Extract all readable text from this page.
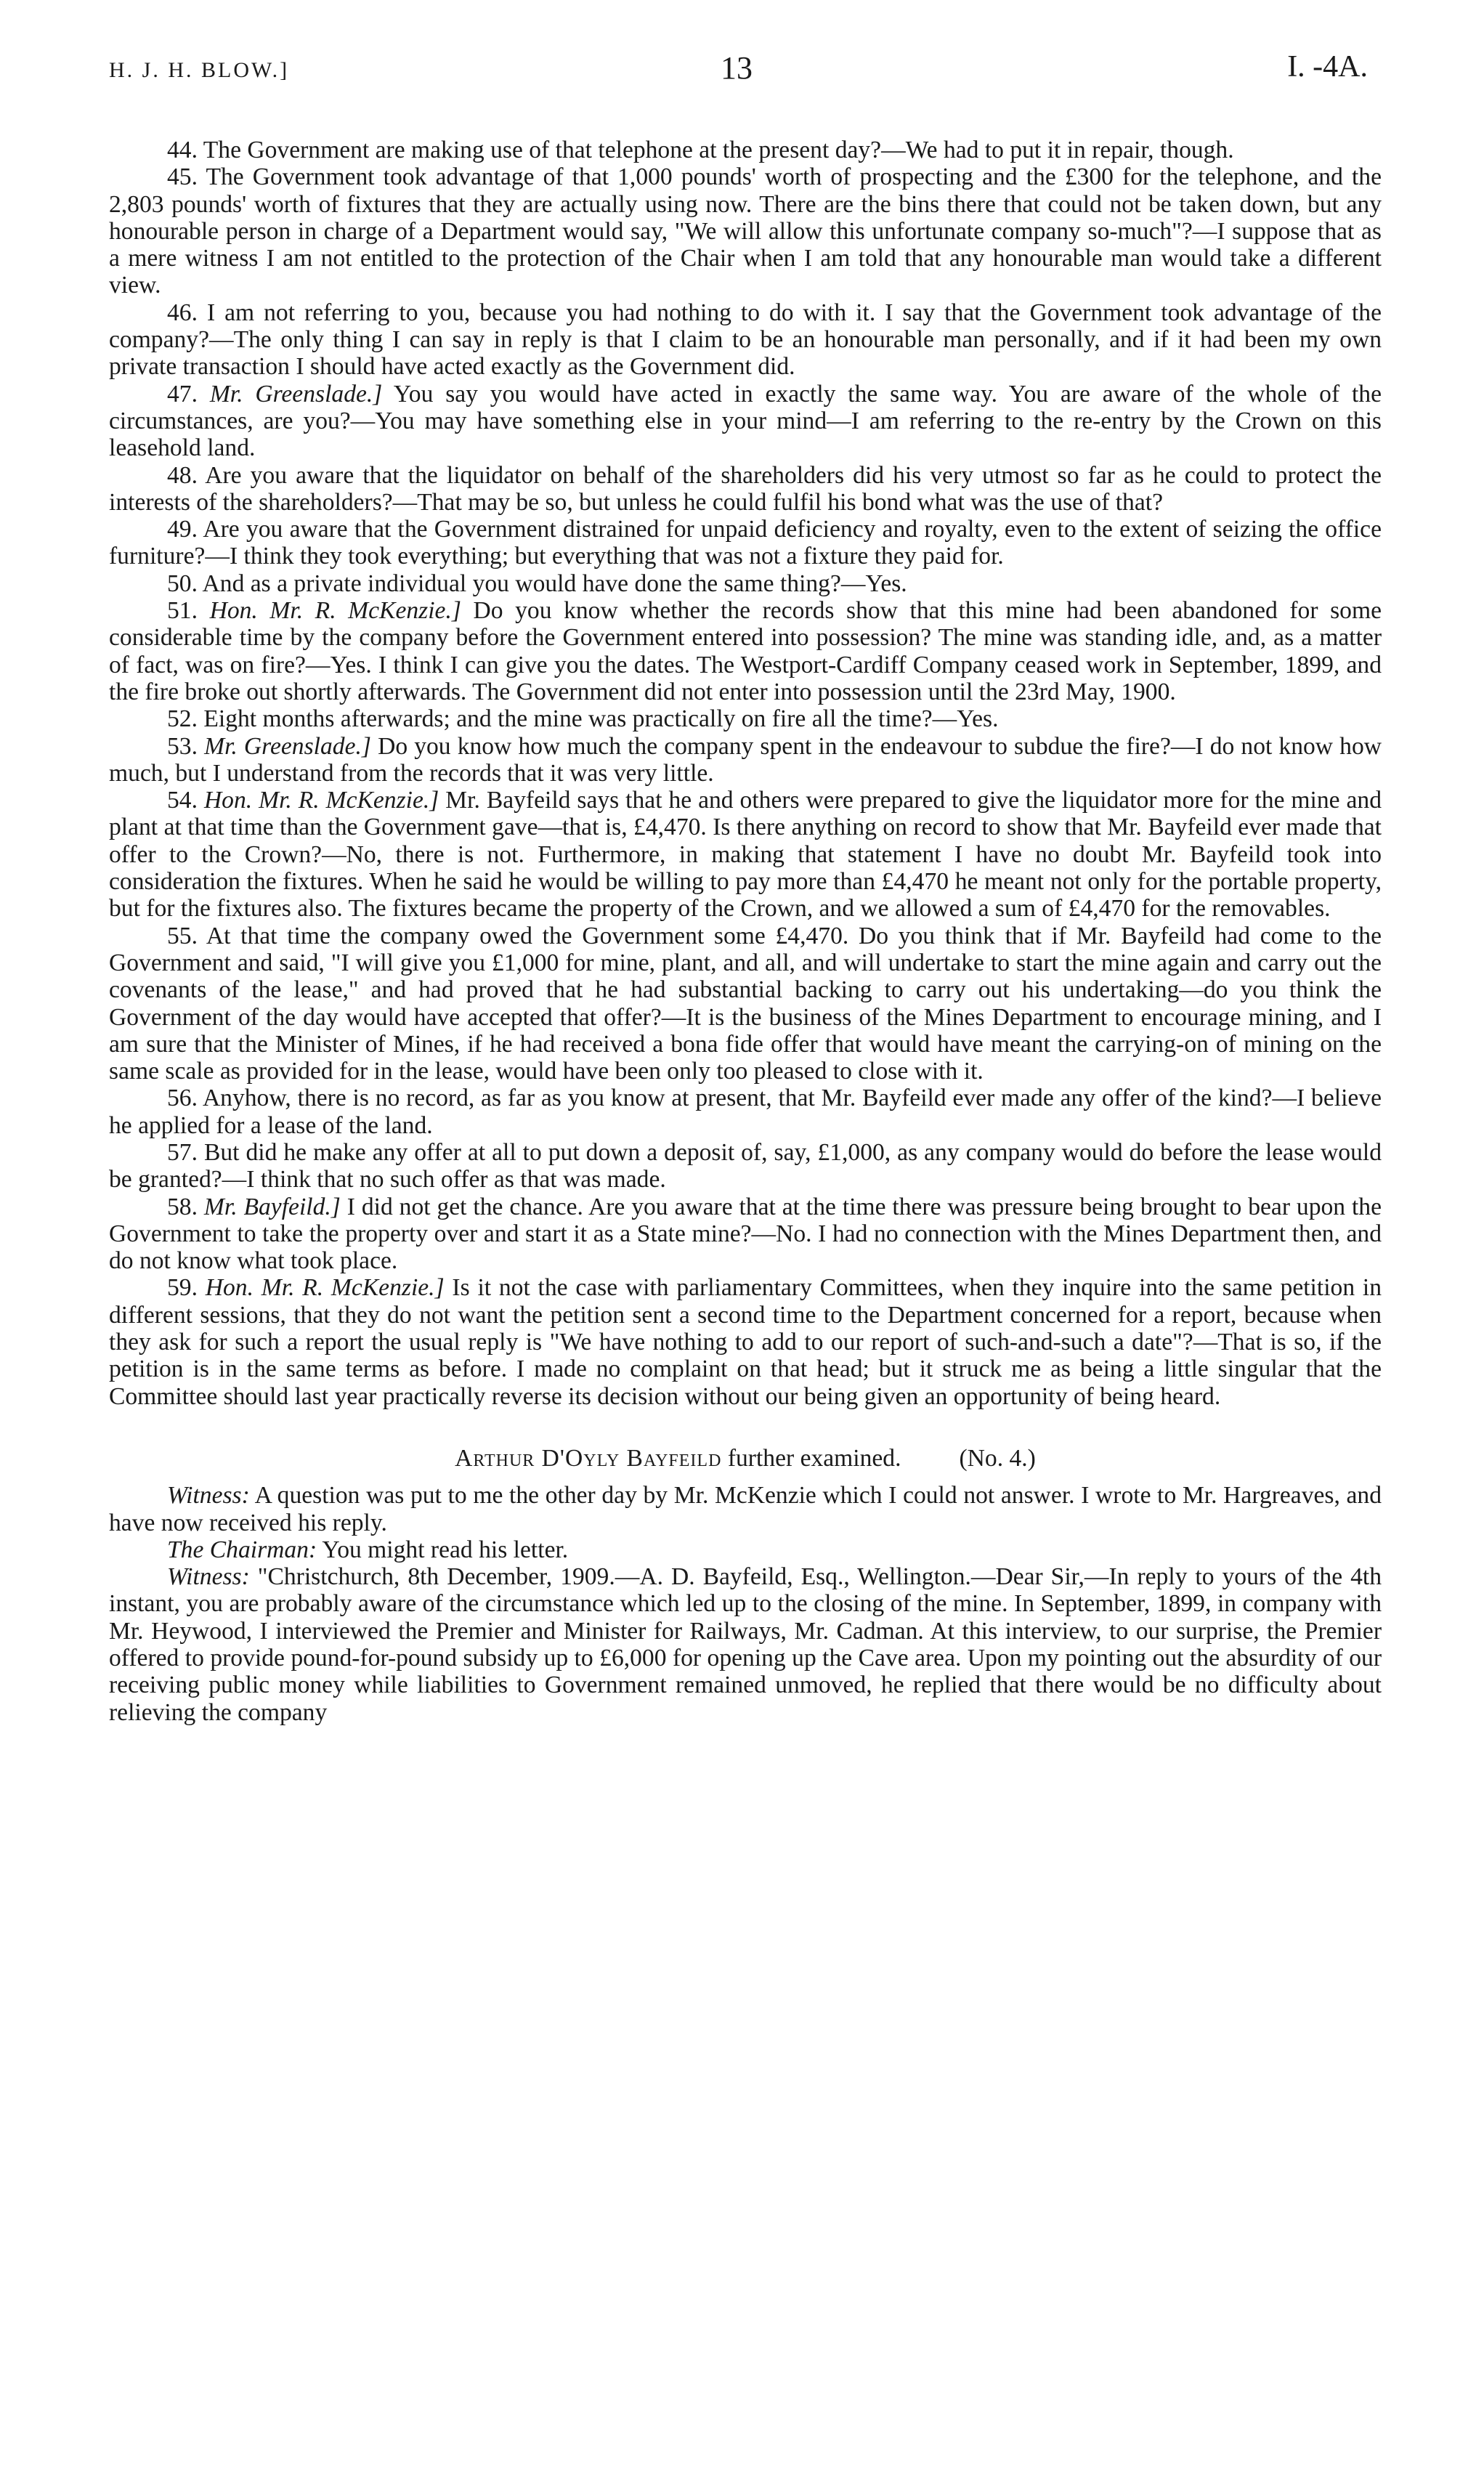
H. J. H. BLOW.]	13	I. -4A.

44. The Government are making use of that telephone at the present day?—We had to put it in repair, though.

45. The Government took advantage of that 1,000 pounds' worth of prospecting and the £300 for the telephone, and the 2,803 pounds' worth of fixtures that they are actually using now. There are the bins there that could not be taken down, but any honourable person in charge of a Department would say, "We will allow this unfortunate company so-much"?—I suppose that as a mere witness I am not entitled to the protection of the Chair when I am told that any honourable man would take a different view.

46. I am not referring to you, because you had nothing to do with it. I say that the Government took advantage of the company?—The only thing I can say in reply is that I claim to be an honourable man personally, and if it had been my own private transaction I should have acted exactly as the Government did.

47. Mr. Greenslade.] You say you would have acted in exactly the same way. You are aware of the whole of the circumstances, are you?—You may have something else in your mind—I am referring to the re-entry by the Crown on this leasehold land.

48. Are you aware that the liquidator on behalf of the shareholders did his very utmost so far as he could to protect the interests of the shareholders?—That may be so, but unless he could fulfil his bond what was the use of that?

49. Are you aware that the Government distrained for unpaid deficiency and royalty, even to the extent of seizing the office furniture?—I think they took everything; but everything that was not a fixture they paid for.

50. And as a private individual you would have done the same thing?—Yes.

51. Hon. Mr. R. McKenzie.] Do you know whether the records show that this mine had been abandoned for some considerable time by the company before the Government entered into possession? The mine was standing idle, and, as a matter of fact, was on fire?—Yes. I think I can give you the dates. The Westport-Cardiff Company ceased work in September, 1899, and the fire broke out shortly afterwards. The Government did not enter into possession until the 23rd May, 1900.

52. Eight months afterwards; and the mine was practically on fire all the time?—Yes.

53. Mr. Greenslade.] Do you know how much the company spent in the endeavour to subdue the fire?—I do not know how much, but I understand from the records that it was very little.

54. Hon. Mr. R. McKenzie.] Mr. Bayfeild says that he and others were prepared to give the liquidator more for the mine and plant at that time than the Government gave—that is, £4,470. Is there anything on record to show that Mr. Bayfeild ever made that offer to the Crown?—No, there is not. Furthermore, in making that statement I have no doubt Mr. Bayfeild took into consideration the fixtures. When he said he would be willing to pay more than £4,470 he meant not only for the portable property, but for the fixtures also. The fixtures became the property of the Crown, and we allowed a sum of £4,470 for the removables.

55. At that time the company owed the Government some £4,470. Do you think that if Mr. Bayfeild had come to the Government and said, "I will give you £1,000 for mine, plant, and all, and will undertake to start the mine again and carry out the covenants of the lease," and had proved that he had substantial backing to carry out his undertaking—do you think the Government of the day would have accepted that offer?—It is the business of the Mines Department to encourage mining, and I am sure that the Minister of Mines, if he had received a bona fide offer that would have meant the carrying-on of mining on the same scale as provided for in the lease, would have been only too pleased to close with it.

56. Anyhow, there is no record, as far as you know at present, that Mr. Bayfeild ever made any offer of the kind?—I believe he applied for a lease of the land.

57. But did he make any offer at all to put down a deposit of, say, £1,000, as any company would do before the lease would be granted?—I think that no such offer as that was made.

58. Mr. Bayfeild.] I did not get the chance. Are you aware that at the time there was pressure being brought to bear upon the Government to take the property over and start it as a State mine?—No. I had no connection with the Mines Department then, and do not know what took place.

59. Hon. Mr. R. McKenzie.] Is it not the case with parliamentary Committees, when they inquire into the same petition in different sessions, that they do not want the petition sent a second time to the Department concerned for a report, because when they ask for such a report the usual reply is "We have nothing to add to our report of such-and-such a date"?—That is so, if the petition is in the same terms as before. I made no complaint on that head; but it struck me as being a little singular that the Committee should last year practically reverse its decision without our being given an opportunity of being heard.

Arthur D'Oyly Bayfeild further examined. (No. 4.)

Witness: A question was put to me the other day by Mr. McKenzie which I could not answer. I wrote to Mr. Hargreaves, and have now received his reply.

The Chairman: You might read his letter.

Witness: "Christchurch, 8th December, 1909.—A. D. Bayfeild, Esq., Wellington.—Dear Sir,—In reply to yours of the 4th instant, you are probably aware of the circumstance which led up to the closing of the mine. In September, 1899, in company with Mr. Heywood, I interviewed the Premier and Minister for Railways, Mr. Cadman. At this interview, to our surprise, the Premier offered to provide pound-for-pound subsidy up to £6,000 for opening up the Cave area. Upon my pointing out the absurdity of our receiving public money while liabilities to Government remained unmoved, he replied that there would be no difficulty about relieving the company
